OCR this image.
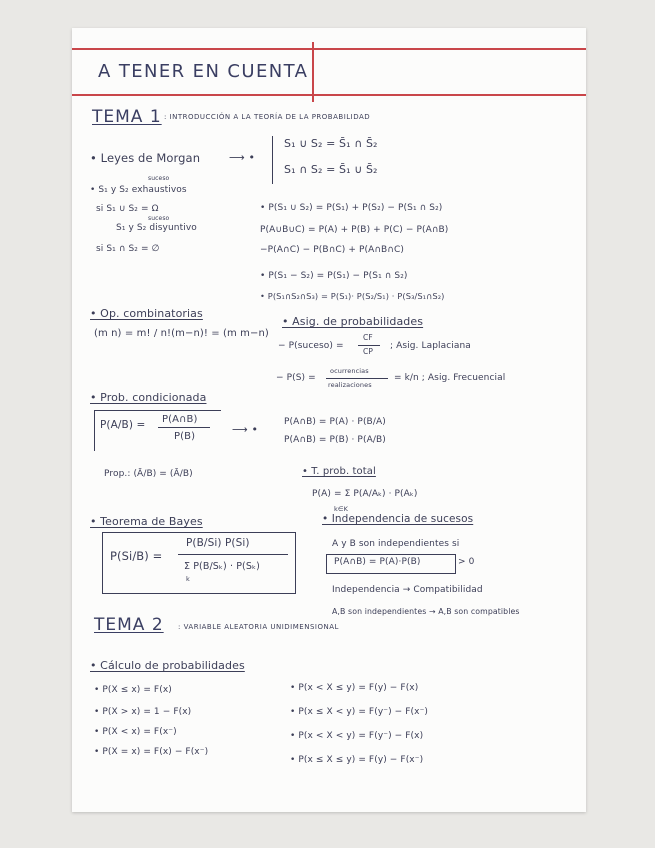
A TENER EN CUENTA
TEMA 1 : INTRODUCCIÓN A LA TEORÍA DE LA PROBABILIDAD
• Leyes de Morgan	⟶ •
S₁ ∪ S₂ = S̄₁ ∩ S̄₂
S₁ ∩ S₂ = S̄₁ ∪ S̄₂
suceso
• S₁ y S₂ exhaustivos
si S₁ ∪ S₂ = Ω
suceso
S₁ y S₂ disyuntivo
si S₁ ∩ S₂ = ∅
• P(S₁ ∪ S₂) = P(S₁) + P(S₂) − P(S₁ ∩ S₂)
P(A∪B∪C) = P(A) + P(B) + P(C) − P(A∩B)
−P(A∩C) − P(B∩C) + P(A∩B∩C)
• P(S₁ − S₂) = P(S₁) − P(S₁ ∩ S₂)
• P(S₁∩S₂∩S₃) = P(S₁)· P(S₂/S₁) · P(S₃/S₁∩S₂)
• Op. combinatorias
(m n) = m! / n!(m−n)! = (m m−n)
• Asig. de probabilidades
− P(suceso) =
CF
CP
; Asig. Laplaciana
− P(S) =
ocurrencias
realizaciones
= k/n ; Asig. Frecuencial
• Prob. condicionada
P(A/B) = P(A∩B)
P(B)
⟶ •
P(A∩B) = P(A) · P(B/A)
P(A∩B) = P(B) · P(A/B)
Prop.: (Ā/B) = (Ā/B)	• T. prob. total
P(A) = Σ P(A/Aₖ) · P(Aₖ)
k∈K
• Teorema de Bayes
P(Si/B) =
P(B/Si) P(Si)
Σ P(B/Sₖ) · P(Sₖ)
k
• Independencia de sucesos
A y B son independientes si
P(A∩B) = P(A)·P(B)	> 0
Independencia → Compatibilidad
A,B son independientes → A,B son compatibles
TEMA 2 : VARIABLE ALEATORIA UNIDIMENSIONAL
• Cálculo de probabilidades
• P(X ≤ x) = F(x)
• P(X > x) = 1 − F(x)
• P(X < x) = F(x⁻)
• P(X = x) = F(x) − F(x⁻)
• P(x < X ≤ y) = F(y) − F(x)
• P(x ≤ X < y) = F(y⁻) − F(x⁻)
• P(x < X < y) = F(y⁻) − F(x)
• P(x ≤ X ≤ y) = F(y) − F(x⁻)
